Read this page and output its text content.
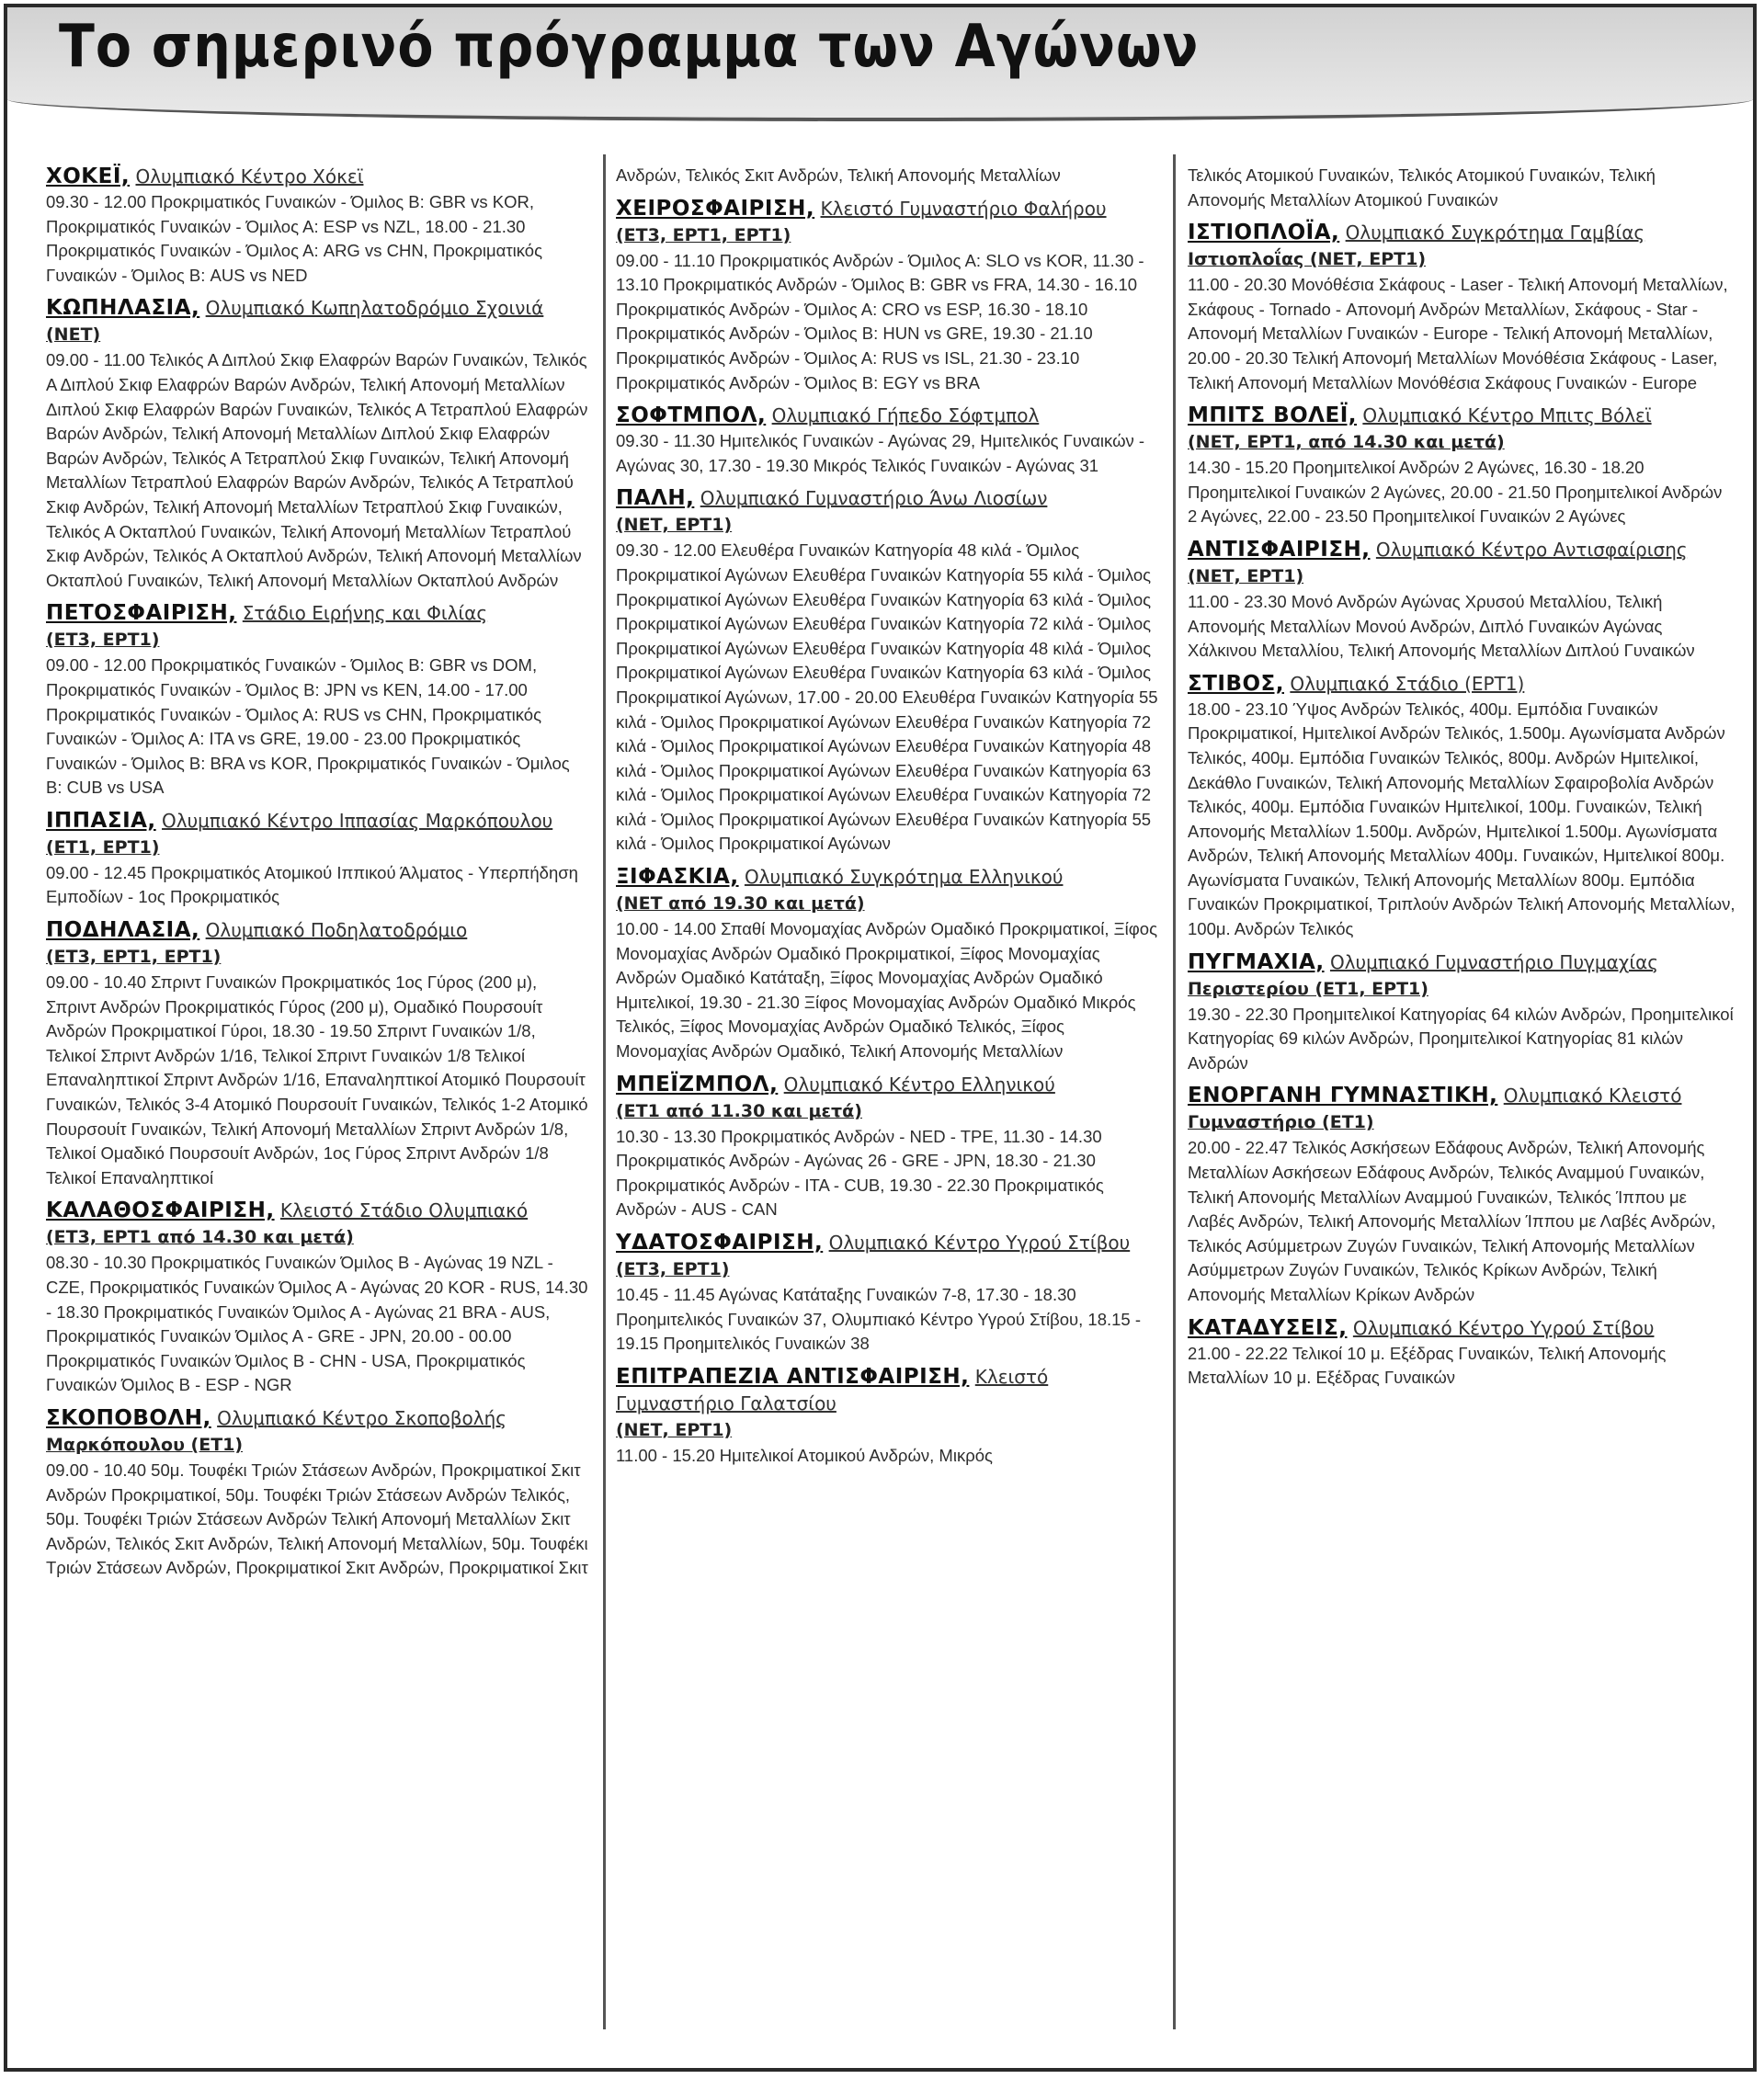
Το σημερινό πρόγραμμα των Αγώνων

ΧΟΚΕΪ, Ολυμπιακό Κέντρο Χόκεϊ

09.30 - 12.00 Προκριματικός Γυναικών - Όμιλος Β: GBR vs KOR, Προκριματικός Γυναικών - Όμιλος Α: ESP vs NZL, 18.00 - 21.30 Προκριματικός Γυναικών - Όμιλος Α: ARG vs CHN, Προκριματικός Γυναικών - Όμιλος Β: AUS vs NED

ΚΩΠΗΛΑΣΙΑ, Ολυμπιακό Κωπηλατοδρόμιο Σχοινιά
(ΝΕΤ)

09.00 - 11.00 Τελικός Α Διπλού Σκιφ Ελαφρών Βαρών Γυναικών, Τελικός Α Διπλού Σκιφ Ελαφρών Βαρών Ανδρών, Τελική Απονομή Μεταλλίων Διπλού Σκιφ Ελαφρών Βαρών Γυναικών, Τελικός Α Τετραπλού Ελαφρών Βαρών Ανδρών, Τελική Απονομή Μεταλλίων Διπλού Σκιφ Ελαφρών Βαρών Ανδρών, Τελικός Α Τετραπλού Σκιφ Γυναικών, Τελική Απονομή Μεταλλίων Τετραπλού Ελαφρών Βαρών Ανδρών, Τελικός Α Τετραπλού Σκιφ Ανδρών, Τελική Απονομή Μεταλλίων Τετραπλού Σκιφ Γυναικών, Τελικός Α Οκταπλού Γυναικών, Τελική Απονομή Μεταλλίων Τετραπλού Σκιφ Ανδρών, Τελικός Α Οκταπλού Ανδρών, Τελική Απονομή Μεταλλίων Οκταπλού Γυναικών, Τελική Απονομή Μεταλλίων Οκταπλού Ανδρών

ΠΕΤΟΣΦΑΙΡΙΣΗ, Στάδιο Ειρήνης και Φιλίας
(ΕΤ3, ΕΡΤ1)

09.00 - 12.00 Προκριματικός Γυναικών - Όμιλος Β: GBR vs DOM, Προκριματικός Γυναικών - Όμιλος Β: JPN vs KEN, 14.00 - 17.00 Προκριματικός Γυναικών - Όμιλος Α: RUS vs CHN, Προκριματικός Γυναικών - Όμιλος Α: ITA vs GRE, 19.00 - 23.00 Προκριματικός Γυναικών - Όμιλος Β: BRA vs KOR, Προκριματικός Γυναικών - Όμιλος Β: CUB vs USA

ΙΠΠΑΣΙΑ, Ολυμπιακό Κέντρο Ιππασίας Μαρκόπουλου
(ΕΤ1, ΕΡΤ1)

09.00 - 12.45 Προκριματικός Ατομικού Ιππικού Άλματος - Υπερπήδηση Εμποδίων - 1ος Προκριματικός

ΠΟΔΗΛΑΣΙΑ, Ολυμπιακό Ποδηλατοδρόμιο
(ΕΤ3, ΕΡΤ1, ΕΡΤ1)

09.00 - 10.40 Σπριντ Γυναικών Προκριματικός 1ος Γύρος (200 μ), Σπριντ Ανδρών Προκριματικός Γύρος (200 μ), Ομαδικό Πουρσουίτ Ανδρών Προκριματικοί Γύροι, 18.30 - 19.50 Σπριντ Γυναικών 1/8, Τελικοί Σπριντ Ανδρών 1/16, Τελικοί Σπριντ Γυναικών 1/8 Τελικοί Επαναληπτικοί Σπριντ Ανδρών 1/16, Επαναληπτικοί Ατομικό Πουρσουίτ Γυναικών, Τελικός 3-4 Ατομικό Πουρσουίτ Γυναικών, Τελικός 1-2 Ατομικό Πουρσουίτ Γυναικών, Τελική Απονομή Μεταλλίων Σπριντ Ανδρών 1/8, Τελικοί Ομαδικό Πουρσουίτ Ανδρών, 1ος Γύρος Σπριντ Ανδρών 1/8 Τελικοί Επαναληπτικοί

ΚΑΛΑΘΟΣΦΑΙΡΙΣΗ, Κλειστό Στάδιο Ολυμπιακό
(ΕΤ3, ΕΡΤ1 από 14.30 και μετά)

08.30 - 10.30 Προκριματικός Γυναικών Όμιλος Β - Αγώνας 19 NZL - CZE, Προκριματικός Γυναικών Όμιλος Α - Αγώνας 20 KOR - RUS, 14.30 - 18.30 Προκριματικός Γυναικών Όμιλος Α - Αγώνας 21 BRA - AUS, Προκριματικός Γυναικών Όμιλος Α - GRE - JPN, 20.00 - 00.00 Προκριματικός Γυναικών Όμιλος Β - CHN - USA, Προκριματικός Γυναικών Όμιλος Β - ESP - NGR

ΣΚΟΠΟΒΟΛΗ, Ολυμπιακό Κέντρο Σκοποβολής
Μαρκόπουλου (ΕΤ1)

09.00 - 10.40 50μ. Τουφέκι Τριών Στάσεων Ανδρών, Προκριματικοί Σκιτ Ανδρών Προκριματικοί, 50μ. Τουφέκι Τριών Στάσεων Ανδρών Τελικός, 50μ. Τουφέκι Τριών Στάσεων Ανδρών Τελική Απονομή Μεταλλίων Σκιτ Ανδρών, Τελικός Σκιτ Ανδρών, Τελική Απονομή Μεταλλίων, 50μ. Τουφέκι Τριών Στάσεων Ανδρών, Προκριματικοί Σκιτ Ανδρών, Προκριματικοί Σκιτ

Ανδρών, Τελικός Σκιτ Ανδρών, Τελική Απονομής Μεταλλίων

ΧΕΙΡΟΣΦΑΙΡΙΣΗ, Κλειστό Γυμναστήριο Φαλήρου
(ΕΤ3, ΕΡΤ1, ΕΡΤ1)

09.00 - 11.10 Προκριματικός Ανδρών - Όμιλος Α: SLO vs KOR, 11.30 - 13.10 Προκριματικός Ανδρών - Όμιλος Β: GBR vs FRA, 14.30 - 16.10 Προκριματικός Ανδρών - Όμιλος Α: CRO vs ESP, 16.30 - 18.10 Προκριματικός Ανδρών - Όμιλος Β: HUN vs GRE, 19.30 - 21.10 Προκριματικός Ανδρών - Όμιλος Α: RUS vs ISL, 21.30 - 23.10 Προκριματικός Ανδρών - Όμιλος Β: EGY vs BRA

ΣΟΦΤΜΠΟΛ, Ολυμπιακό Γήπεδο Σόφτμπολ

09.30 - 11.30 Ημιτελικός Γυναικών - Αγώνας 29, Ημιτελικός Γυναικών - Αγώνας 30, 17.30 - 19.30 Μικρός Τελικός Γυναικών - Αγώνας 31

ΠΑΛΗ, Ολυμπιακό Γυμναστήριο Άνω Λιοσίων
(ΝΕΤ, ΕΡΤ1)

09.30 - 12.00 Ελευθέρα Γυναικών Κατηγορία 48 κιλά - Όμιλος Προκριματικοί Αγώνων Ελευθέρα Γυναικών Κατηγορία 55 κιλά - Όμιλος Προκριματικοί Αγώνων Ελευθέρα Γυναικών Κατηγορία 63 κιλά - Όμιλος Προκριματικοί Αγώνων Ελευθέρα Γυναικών Κατηγορία 72 κιλά - Όμιλος Προκριματικοί Αγώνων Ελευθέρα Γυναικών Κατηγορία 48 κιλά - Όμιλος Προκριματικοί Αγώνων Ελευθέρα Γυναικών Κατηγορία 63 κιλά - Όμιλος Προκριματικοί Αγώνων, 17.00 - 20.00 Ελευθέρα Γυναικών Κατηγορία 55 κιλά - Όμιλος Προκριματικοί Αγώνων Ελευθέρα Γυναικών Κατηγορία 72 κιλά - Όμιλος Προκριματικοί Αγώνων Ελευθέρα Γυναικών Κατηγορία 48 κιλά - Όμιλος Προκριματικοί Αγώνων Ελευθέρα Γυναικών Κατηγορία 63 κιλά - Όμιλος Προκριματικοί Αγώνων Ελευθέρα Γυναικών Κατηγορία 72 κιλά - Όμιλος Προκριματικοί Αγώνων Ελευθέρα Γυναικών Κατηγορία 55 κιλά - Όμιλος Προκριματικοί Αγώνων

ΞΙΦΑΣΚΙΑ, Ολυμπιακό Συγκρότημα Ελληνικού
(ΝΕΤ από 19.30 και μετά)

10.00 - 14.00 Σπαθί Μονομαχίας Ανδρών Ομαδικό Προκριματικοί, Ξίφος Μονομαχίας Ανδρών Ομαδικό Προκριματικοί, Ξίφος Μονομαχίας Ανδρών Ομαδικό Κατάταξη, Ξίφος Μονομαχίας Ανδρών Ομαδικό Ημιτελικοί, 19.30 - 21.30 Ξίφος Μονομαχίας Ανδρών Ομαδικό Μικρός Τελικός, Ξίφος Μονομαχίας Ανδρών Ομαδικό Τελικός, Ξίφος Μονομαχίας Ανδρών Ομαδικό, Τελική Απονομής Μεταλλίων

ΜΠΕΪΖΜΠΟΛ, Ολυμπιακό Κέντρο Ελληνικού
(ΕΤ1 από 11.30 και μετά)

10.30 - 13.30 Προκριματικός Ανδρών - NED - TPE, 11.30 - 14.30 Προκριματικός Ανδρών - Αγώνας 26 - GRE - JPN, 18.30 - 21.30 Προκριματικός Ανδρών - ITA - CUB, 19.30 - 22.30 Προκριματικός Ανδρών - AUS - CAN

ΥΔΑΤΟΣΦΑΙΡΙΣΗ, Ολυμπιακό Κέντρο Υγρού Στίβου
(ΕΤ3, ΕΡΤ1)

10.45 - 11.45 Αγώνας Κατάταξης Γυναικών 7-8, 17.30 - 18.30 Προημιτελικός Γυναικών 37, Ολυμπιακό Κέντρο Υγρού Στίβου, 18.15 - 19.15 Προημιτελικός Γυναικών 38

ΕΠΙΤΡΑΠΕΖΙΑ ΑΝΤΙΣΦΑΙΡΙΣΗ, Κλειστό Γυμναστήριο Γαλατσίου
(ΝΕΤ, ΕΡΤ1)

11.00 - 15.20 Ημιτελικοί Ατομικού Ανδρών, Μικρός

Τελικός Ατομικού Γυναικών, Τελικός Ατομικού Γυναικών, Τελική Απονομής Μεταλλίων Ατομικού Γυναικών

ΙΣΤΙΟΠΛΟΪΑ, Ολυμπιακό Συγκρότημα Γαμβίας
Ιστιοπλοΐας (ΝΕΤ, ΕΡΤ1)

11.00 - 20.30 Μονόθέσια Σκάφους - Laser - Τελική Απονομή Μεταλλίων, Σκάφους - Tornado - Απονομή Ανδρών Μεταλλίων, Σκάφους - Star - Απονομή Μεταλλίων Γυναικών - Europe - Τελική Απονομή Μεταλλίων, 20.00 - 20.30 Τελική Απονομή Μεταλλίων Μονόθέσια Σκάφους - Laser, Τελική Απονομή Μεταλλίων Μονόθέσια Σκάφους Γυναικών - Europe

ΜΠΙΤΣ ΒΟΛΕΪ, Ολυμπιακό Κέντρο Μπιτς Βόλεϊ
(ΝΕΤ, ΕΡΤ1, από 14.30 και μετά)

14.30 - 15.20 Προημιτελικοί Ανδρών 2 Αγώνες, 16.30 - 18.20 Προημιτελικοί Γυναικών 2 Αγώνες, 20.00 - 21.50 Προημιτελικοί Ανδρών 2 Αγώνες, 22.00 - 23.50 Προημιτελικοί Γυναικών 2 Αγώνες

ΑΝΤΙΣΦΑΙΡΙΣΗ, Ολυμπιακό Κέντρο Αντισφαίρισης
(ΝΕΤ, ΕΡΤ1)

11.00 - 23.30 Μονό Ανδρών Αγώνας Χρυσού Μεταλλίου, Τελική Απονομής Μεταλλίων Μονού Ανδρών, Διπλό Γυναικών Αγώνας Χάλκινου Μεταλλίου, Τελική Απονομής Μεταλλίων Διπλού Γυναικών

ΣΤΙΒΟΣ, Ολυμπιακό Στάδιο (ΕΡΤ1)

18.00 - 23.10 Ύψος Ανδρών Τελικός, 400μ. Εμπόδια Γυναικών Προκριματικοί, Ημιτελικοί Ανδρών Τελικός, 1.500μ. Αγωνίσματα Ανδρών Τελικός, 400μ. Εμπόδια Γυναικών Τελικός, 800μ. Ανδρών Ημιτελικοί, Δεκάθλο Γυναικών, Τελική Απονομής Μεταλλίων Σφαιροβολία Ανδρών Τελικός, 400μ. Εμπόδια Γυναικών Ημιτελικοί, 100μ. Γυναικών, Τελική Απονομής Μεταλλίων 1.500μ. Ανδρών, Ημιτελικοί 1.500μ. Αγωνίσματα Ανδρών, Τελική Απονομής Μεταλλίων 400μ. Γυναικών, Ημιτελικοί 800μ. Αγωνίσματα Γυναικών, Τελική Απονομής Μεταλλίων 800μ. Εμπόδια Γυναικών Προκριματικοί, Τριπλούν Ανδρών Τελική Απονομής Μεταλλίων, 100μ. Ανδρών Τελικός

ΠΥΓΜΑΧΙΑ, Ολυμπιακό Γυμναστήριο Πυγμαχίας
Περιστερίου (ΕΤ1, ΕΡΤ1)

19.30 - 22.30 Προημιτελικοί Κατηγορίας 64 κιλών Ανδρών, Προημιτελικοί Κατηγορίας 69 κιλών Ανδρών, Προημιτελικοί Κατηγορίας 81 κιλών Ανδρών

ΕΝΟΡΓΑΝΗ ΓΥΜΝΑΣΤΙΚΗ, Ολυμπιακό Κλειστό
Γυμναστήριο (ΕΤ1)

20.00 - 22.47 Τελικός Ασκήσεων Εδάφους Ανδρών, Τελική Απονομής Μεταλλίων Ασκήσεων Εδάφους Ανδρών, Τελικός Αναμμού Γυναικών, Τελική Απονομής Μεταλλίων Αναμμού Γυναικών, Τελικός Ίππου με Λαβές Ανδρών, Τελική Απονομής Μεταλλίων Ίππου με Λαβές Ανδρών, Τελικός Ασύμμετρων Ζυγών Γυναικών, Τελική Απονομής Μεταλλίων Ασύμμετρων Ζυγών Γυναικών, Τελικός Κρίκων Ανδρών, Τελική Απονομής Μεταλλίων Κρίκων Ανδρών

ΚΑΤΑΔΥΣΕΙΣ, Ολυμπιακό Κέντρο Υγρού Στίβου

21.00 - 22.22 Τελικοί 10 μ. Εξέδρας Γυναικών, Τελική Απονομής Μεταλλίων 10 μ. Εξέδρας Γυναικών
